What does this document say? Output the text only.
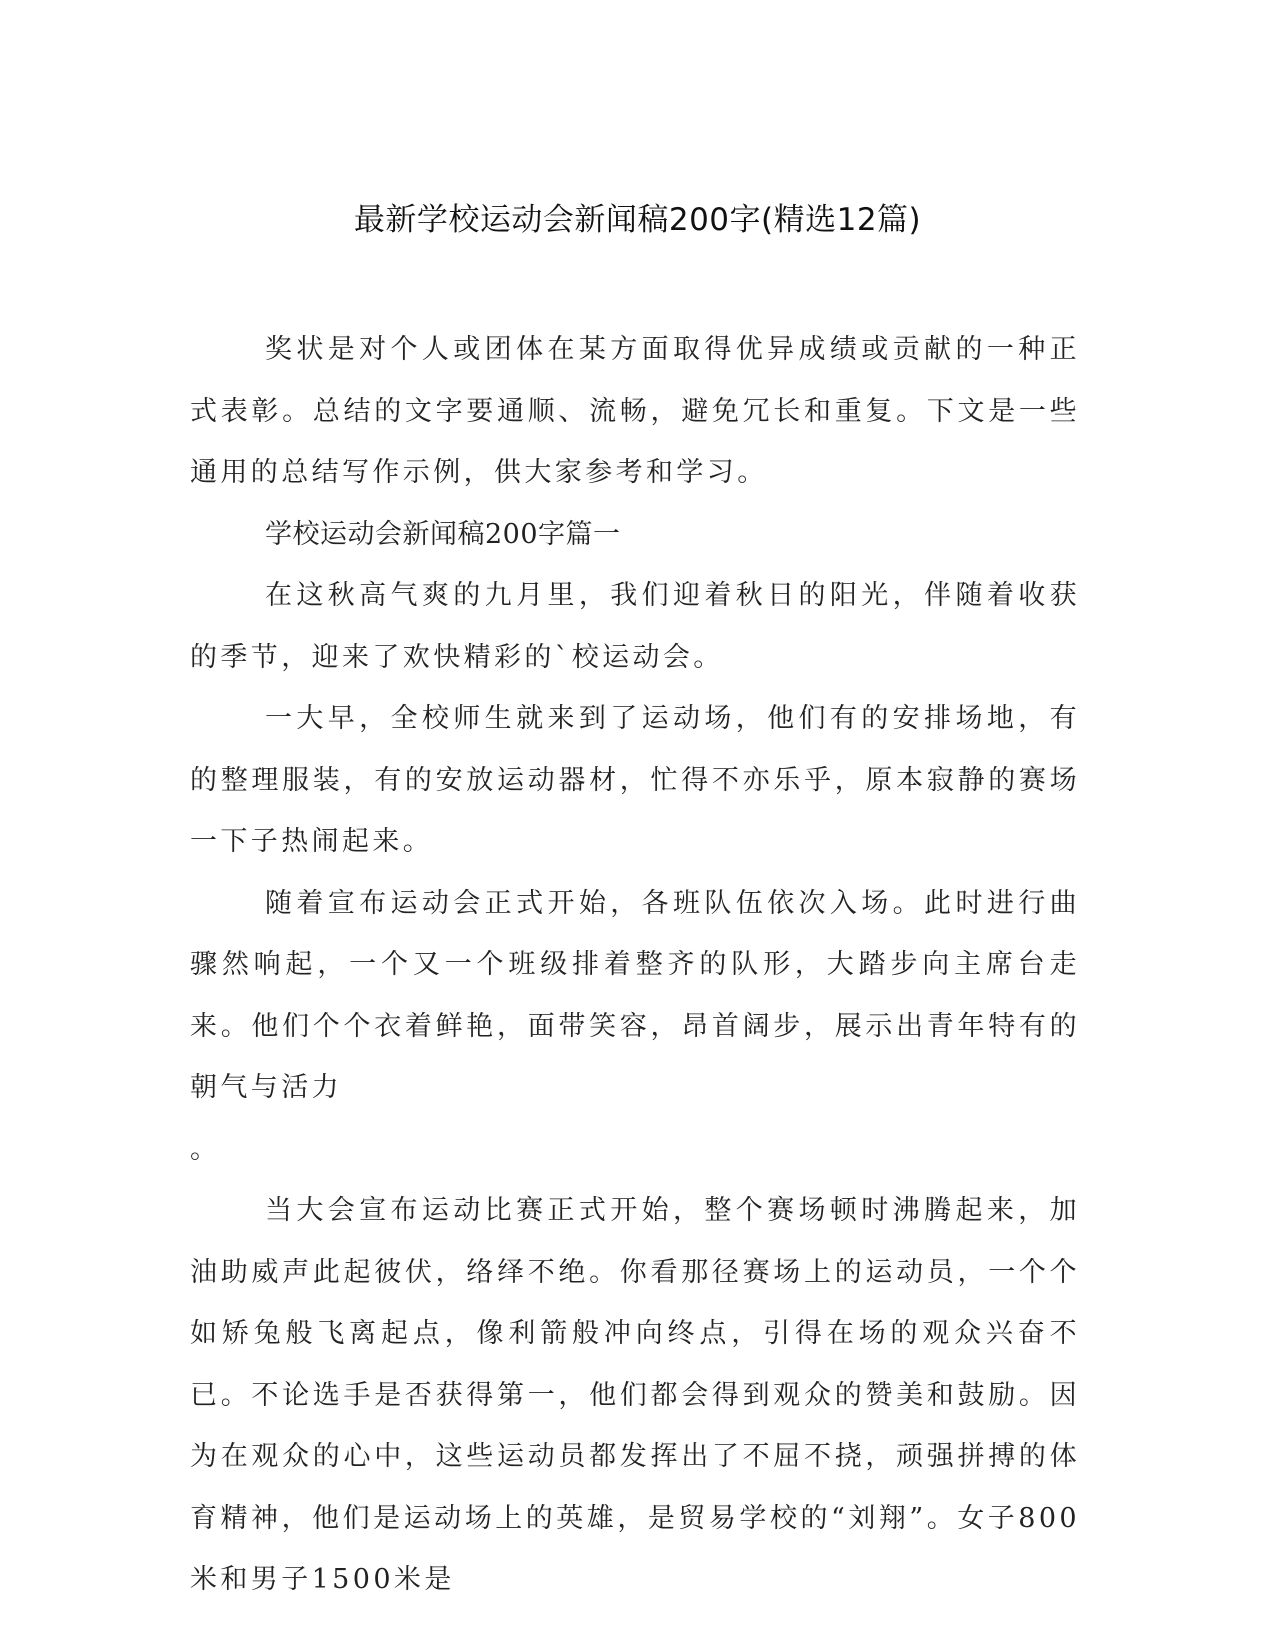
最新学校运动会新闻稿200字(精选12篇)

奖状是对个人或团体在某方面取得优异成绩或贡献的一种正式表彰。总结的文字要通顺、流畅，避免冗长和重复。下文是一些通用的总结写作示例，供大家参考和学习。

学校运动会新闻稿200字篇一

在这秋高气爽的九月里，我们迎着秋日的阳光，伴随着收获的季节，迎来了欢快精彩的`校运动会。

一大早，全校师生就来到了运动场，他们有的安排场地，有的整理服装，有的安放运动器材，忙得不亦乐乎，原本寂静的赛场一下子热闹起来。

随着宣布运动会正式开始，各班队伍依次入场。此时进行曲骤然响起，一个又一个班级排着整齐的队形，大踏步向主席台走来。他们个个衣着鲜艳，面带笑容，昂首阔步，展示出青年特有的朝气与活力

。

当大会宣布运动比赛正式开始，整个赛场顿时沸腾起来，加油助威声此起彼伏，络绎不绝。你看那径赛场上的运动员，一个个如矫兔般飞离起点，像利箭般冲向终点，引得在场的观众兴奋不已。不论选手是否获得第一，他们都会得到观众的赞美和鼓励。因为在观众的心中，这些运动员都发挥出了不屈不挠，顽强拼搏的体育精神，他们是运动场上的英雄，是贸易学校的“刘翔”。女子800米和男子1500米是
